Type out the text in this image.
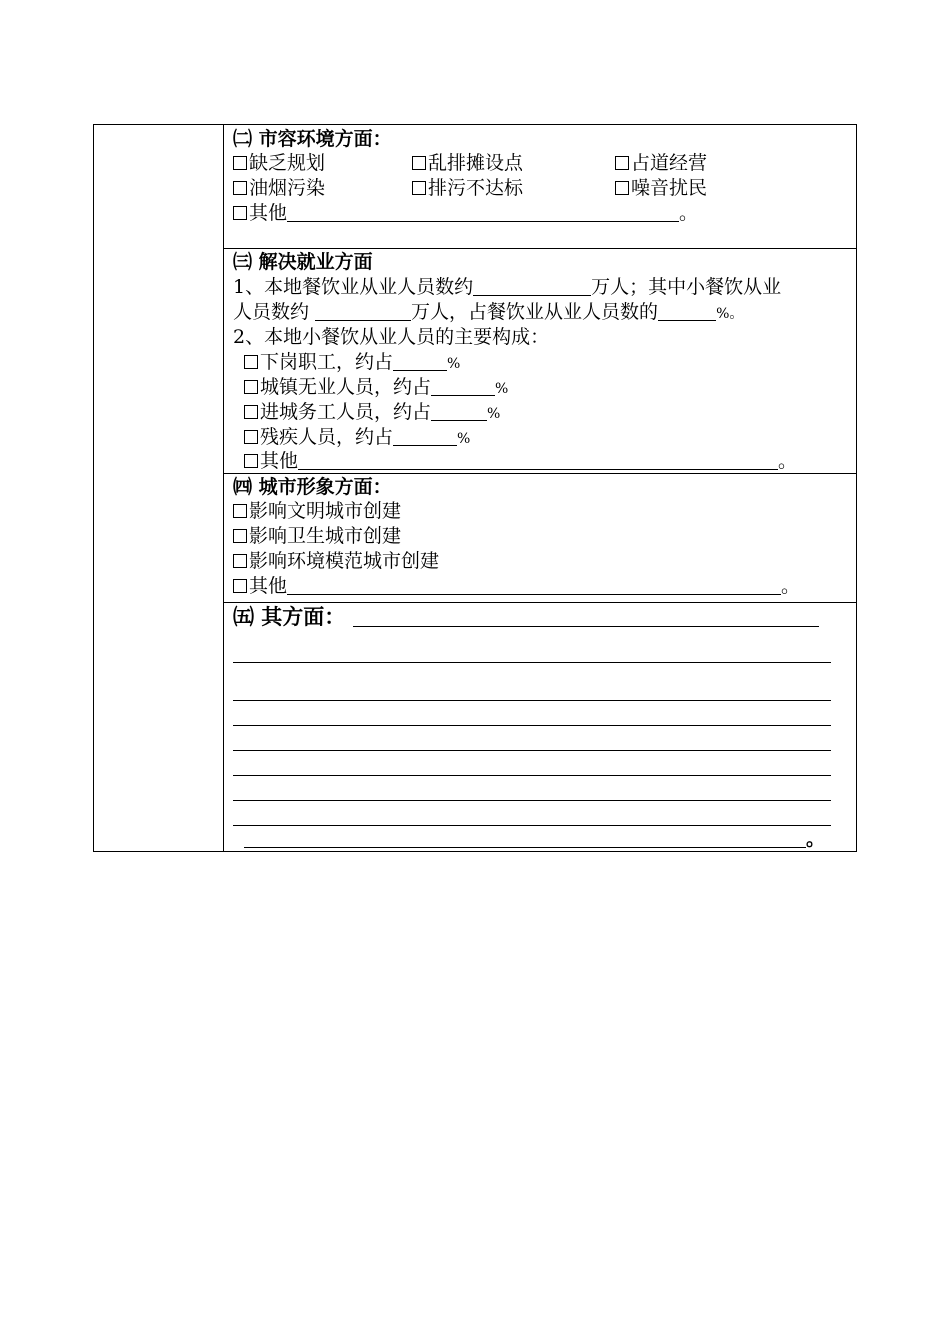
㈡ 市容环境方面：
缺乏规划	乱排摊设点	占道经营
油烟污染	排污不达标	噪音扰民
其他	。
㈢ 解决就业方面
1、本地餐饮业从业人员数约	万人；其中小餐饮从业
人员数约	万人，占餐饮业从业人员数的	%。
2、本地小餐饮从业人员的主要构成：
下岗职工，约占	%
城镇无业人员，约占	%
进城务工人员，约占	%
残疾人员，约占	%
其他	。
㈣ 城市形象方面：
影响文明城市创建
影响卫生城市创建
影响环境模范城市创建
其他	。
㈤ 其方面：
。
